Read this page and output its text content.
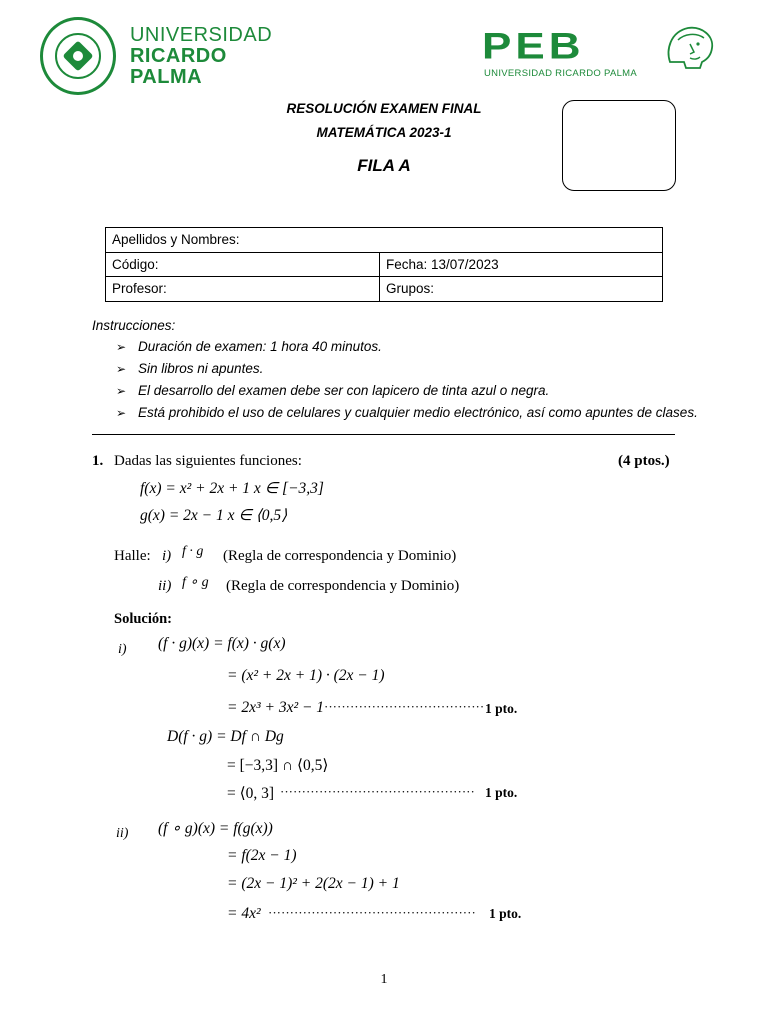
UNIVERSIDAD
RICARDO PALMA
PEB
UNIVERSIDAD RICARDO PALMA
RESOLUCIÓN EXAMEN FINAL
MATEMÁTICA 2023-1
FILA A
Apellidos y Nombres:	
Código:	Fecha: 13/07/2023
Profesor:	Grupos:
Instrucciones:
➢ Duración de examen: 1 hora 40 minutos.
➢ Sin libros ni apuntes.
➢ El desarrollo del examen debe ser con lapicero de tinta azul o negra.
➢ Está prohibido el uso de celulares y cualquier medio electrónico, así como apuntes de clases.
1. Dadas las siguientes funciones:	(4 ptos.)
f(x) = x² + 2x + 1 x ∈ [−3,3]
g(x) = 2x − 1 x ∈ ⟨0,5⟩
Halle: i) f · g (Regla de correspondencia y Dominio)
ii) f ∘ g (Regla de correspondencia y Dominio)
Solución:
i) (f · g)(x) = f(x) · g(x)
= (x² + 2x + 1) · (2x − 1)
= 2x³ + 3x² − 1 ····································· 1 pto.
D(f · g) = Df ∩ Dg
= [−3,3] ∩ ⟨0,5⟩
= ⟨0, 3] ············································· 1 pto.
ii) (f ∘ g)(x) = f(g(x))
= f(2x − 1)
= (2x − 1)² + 2(2x − 1) + 1
= 4x² ················································ 1 pto.
1
